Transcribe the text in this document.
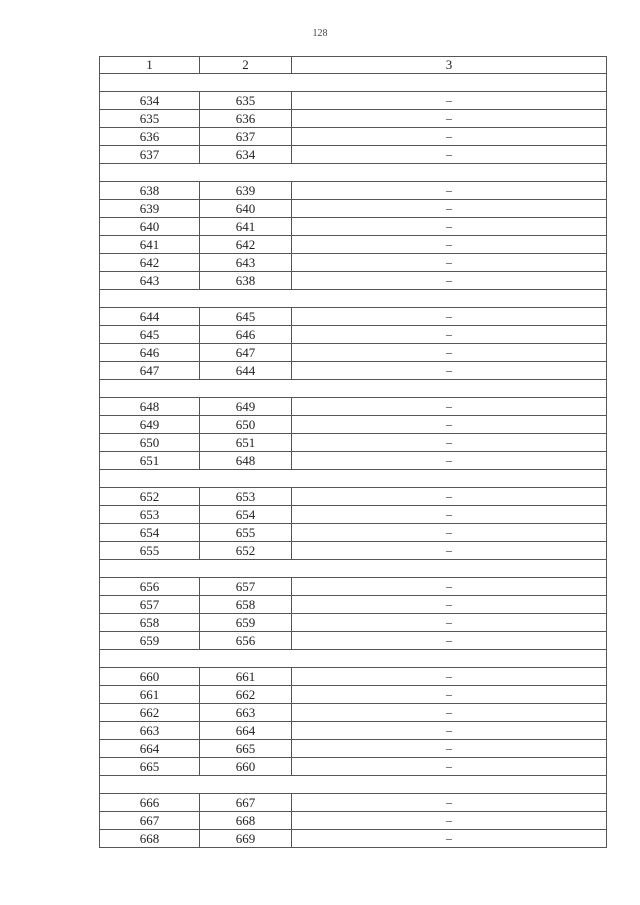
128
1	2	3

634	635	–
635	636	–
636	637	–
637	634	–

638	639	–
639	640	–
640	641	–
641	642	–
642	643	–
643	638	–

644	645	–
645	646	–
646	647	–
647	644	–

648	649	–
649	650	–
650	651	–
651	648	–

652	653	–
653	654	–
654	655	–
655	652	–

656	657	–
657	658	–
658	659	–
659	656	–

660	661	–
661	662	–
662	663	–
663	664	–
664	665	–
665	660	–

666	667	–
667	668	–
668	669	–
